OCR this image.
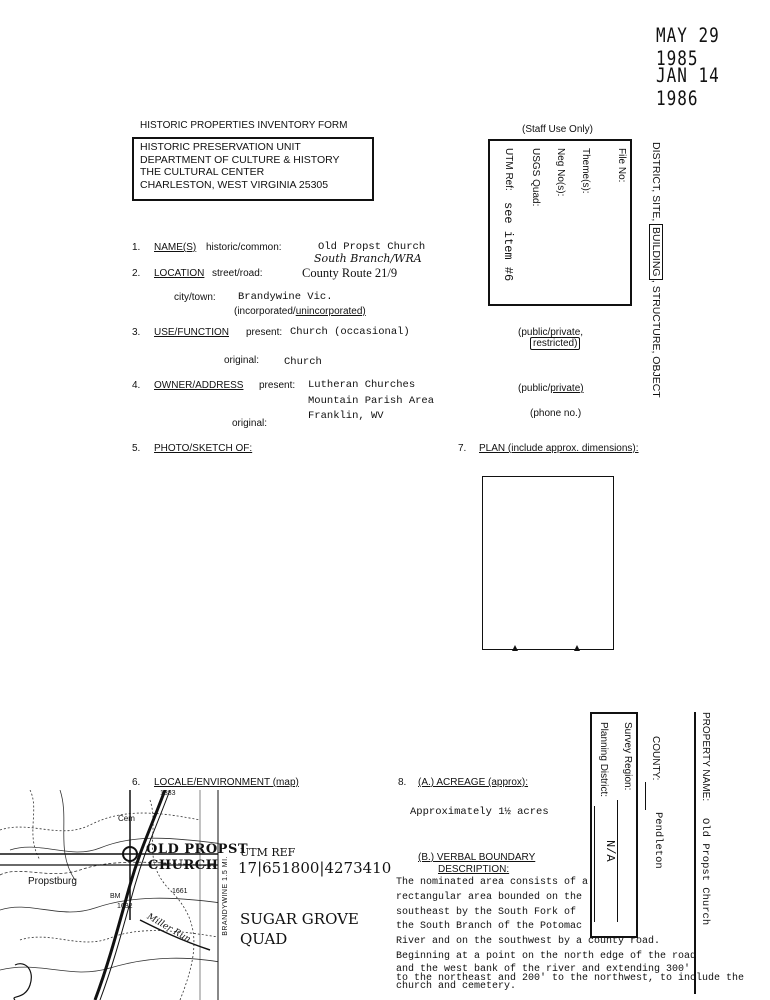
MAY 29 1985
JAN 14 1986
HISTORIC PROPERTIES INVENTORY FORM
HISTORIC PRESERVATION UNIT
DEPARTMENT OF CULTURE & HISTORY
THE CULTURAL CENTER
CHARLESTON, WEST VIRGINIA 25305
(Staff Use Only)
File No:
Theme(s):
Neg No(s):
USGS Quad:
UTM Ref:
see item #6
DISTRICT, SITE, BUILDING, STRUCTURE, OBJECT
1. NAME(S) historic/common:	Old Propst Church
South Branch/WRA
2. LOCATION street/road:	County Route 21/9
city/town: Brandywine Vic.
(incorporated/unincorporated)
3. USE/FUNCTION present: Church (occasional)	(public/private,
restricted)
original: Church
4. OWNER/ADDRESS present: Lutheran Churches
Mountain Parish Area
Franklin, WV
(public/private)
(phone no.)
original:
5. PHOTO/SKETCH OF:	7. PLAN (include approx. dimensions):
PROPERTY NAME:
Old Propst Church
COUNTY:
Pendleton
Survey Region:
Planning District:
N/A
6. LOCALE/ENVIRONMENT (map)	8. (A.) ACREAGE (approx):
Approximately 1½ acres
(B.) VERBAL BOUNDARY
DESCRIPTION:
The nominated area consists of a
rectangular area bounded on the
southeast by the South Fork of
the South Branch of the Potomac
River and on the southwest by a county road.
Beginning at a point on the north edge of the road
and the west bank of the river and extending 300'
to the northeast and 200' to the northwest, to include the
church and cemetery.
Propstburg
Cem
BM
1632
1661
1883
Miller Run	BRANDYWINE 1.5 MI.
OLD PROPST
CHURCH
UTM REF
17|651800|4273410
SUGAR GROVE
QUAD
